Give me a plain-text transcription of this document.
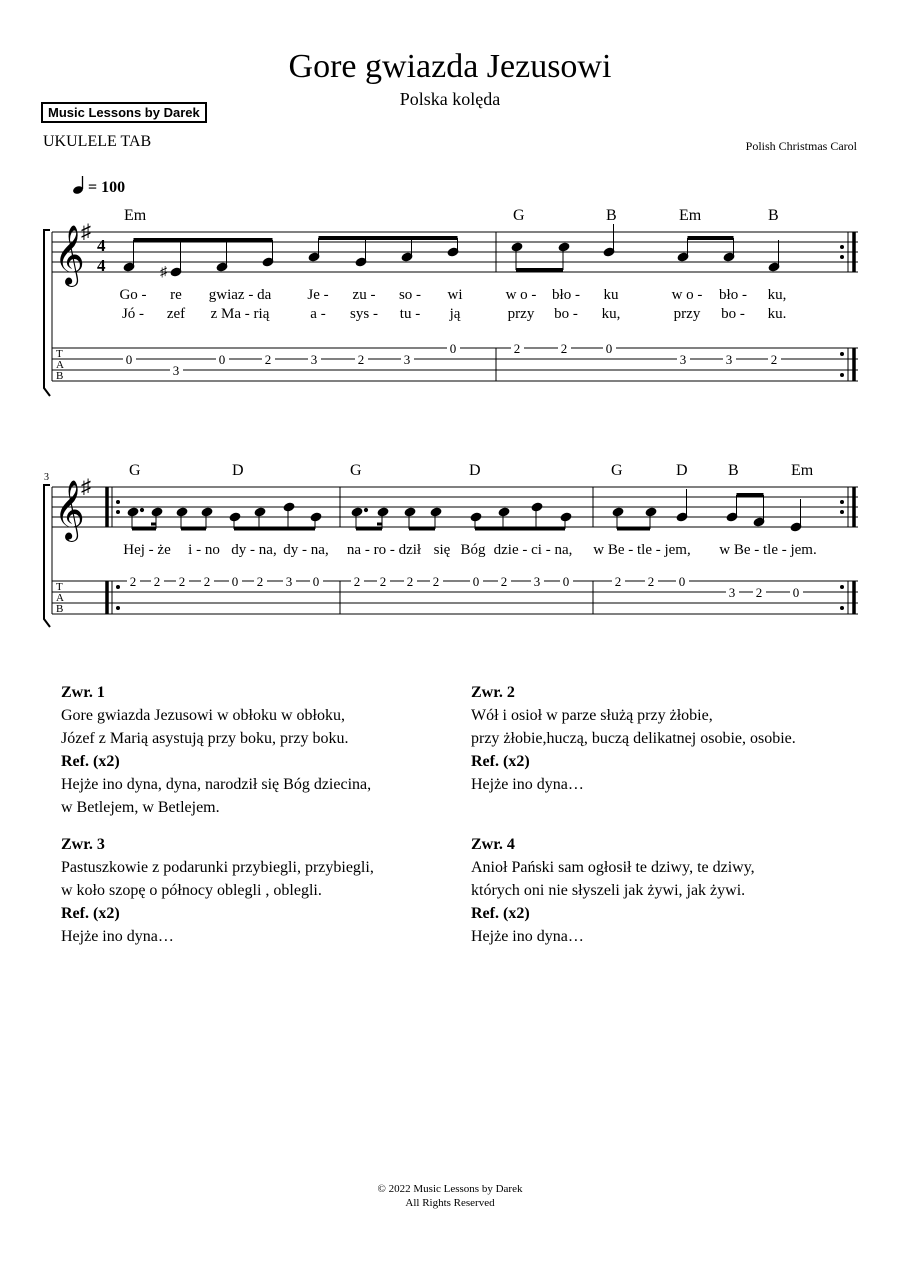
Gore gwiazda Jezusowi
Polska kolęda
Music Lessons by Darek
UKULELE TAB	Polish Christmas Carol
= 100
𝄞
♯
4
4
T
A
B
♯
Em	G	B	Em	B
Go - re gwiaz - da Je - zu - so - wi	w o - bło - ku	w o - bło - ku,
Jó - zef z Ma - rią	a - sys - tu - ją	przy bo - ku,	przy bo - ku.
0
3
0	2	3	2	3
0	2	2	0
3	3	2
3
𝄞
♯
T
A
B
G	D	G	D	G	D	B	Em
Hej - że i - no dy - na, dy - na, na - ro - dził się Bóg dzie - ci - na, w Be - tle - jem, w Be - tle - jem.
2 2 2 2 0 2 3 0	2 2 2 2	0 2 3 0	2 2 0
3 2 0
Zwr. 1
Gore gwiazda Jezusowi w obłoku w obłoku,
Józef z Marią asystują przy boku, przy boku.
Ref. (x2)
Hejże ino dyna, dyna, narodził się Bóg dziecina,
w Betlejem, w Betlejem.
Zwr. 2
Wół i osioł w parze służą przy żłobie,
przy żłobie,huczą, buczą delikatnej osobie, osobie.
Ref. (x2)
Hejże ino dyna…
Zwr. 3
Pastuszkowie z podarunki przybiegli, przybiegli,
w koło szopę o północy oblegli , oblegli.
Ref. (x2)
Hejże ino dyna…
Zwr. 4
Anioł Pański sam ogłosił te dziwy, te dziwy,
których oni nie słyszeli jak żywi, jak żywi.
Ref. (x2)
Hejże ino dyna…
© 2022 Music Lessons by Darek
All Rights Reserved
